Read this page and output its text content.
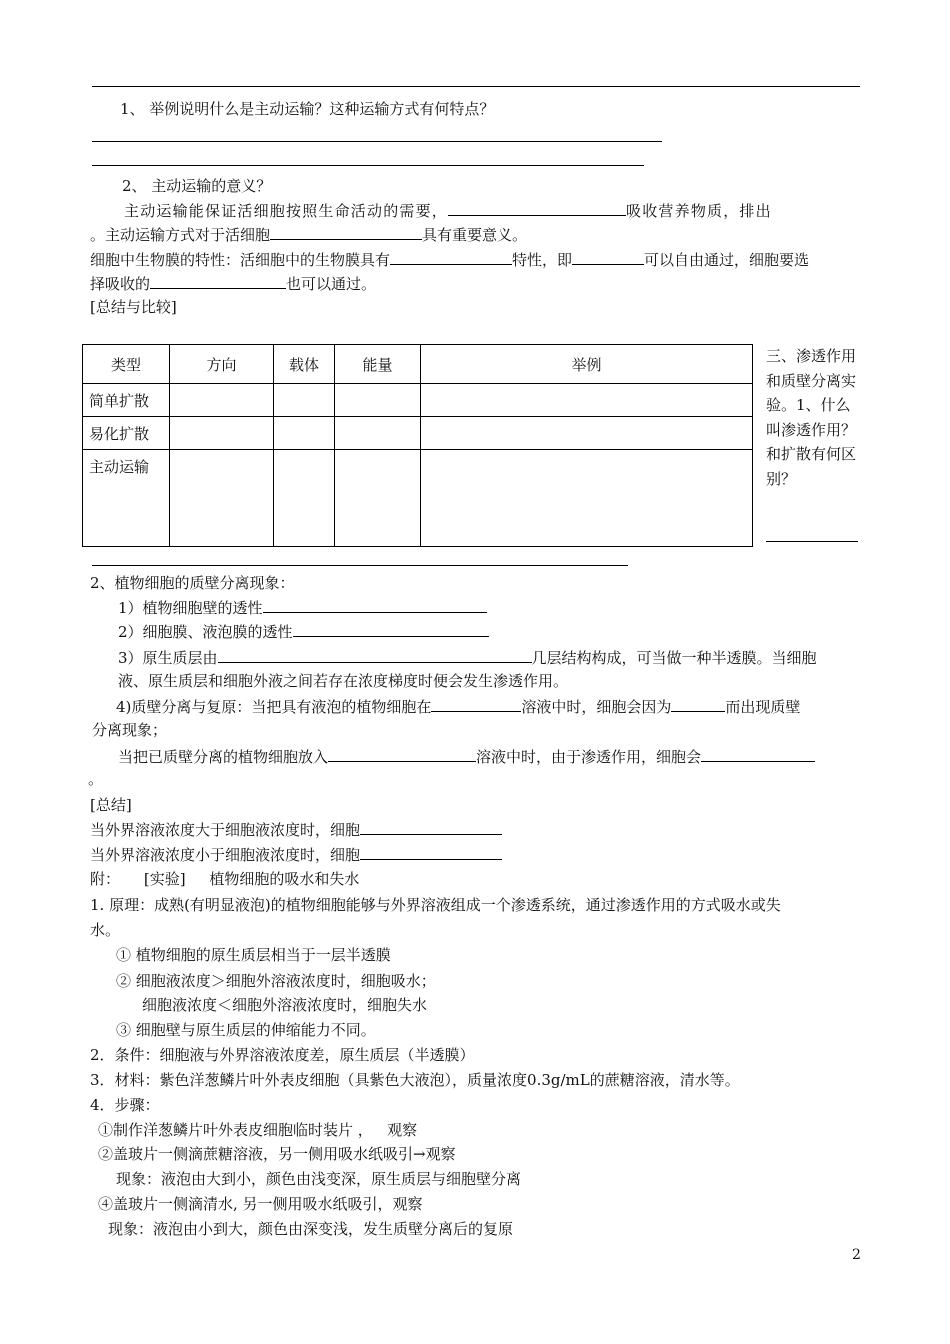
1、 举例说明什么是主动运输？这种运输方式有何特点？
2、 主动运输的意义？
主动运输能保证活细胞按照生命活动的需要，	吸收营养物质，排出
。主动运输方式对于活细胞	具有重要意义。
细胞中生物膜的特性：活细胞中的生物膜具有	特性，即	可以自由通过，细胞要选
择吸收的	也可以通过。
[总结与比较]
类型	方向	载体	能量	举例
简单扩散				
易化扩散				
主动运输				
三、渗透作用和质壁分离实验。1、什么叫渗透作用？和扩散有何区别？
2、植物细胞的质壁分离现象：
1）植物细胞壁的透性
2）细胞膜、液泡膜的透性
3）原生质层由	几层结构构成，可当做一种半透膜。当细胞
液、原生质层和细胞外液之间若存在浓度梯度时便会发生渗透作用。
4)质壁分离与复原：当把具有液泡的植物细胞在	溶液中时，细胞会因为	而出现质壁
分离现象；
当把已质壁分离的植物细胞放入	溶液中时，由于渗透作用，细胞会
。
[总结]
当外界溶液浓度大于细胞液浓度时，细胞
当外界溶液浓度小于细胞液浓度时，细胞
附：     [实验]     植物细胞的吸水和失水
1. 原理：成熟(有明显液泡)的植物细胞能够与外界溶液组成一个渗透系统，通过渗透作用的方式吸水或失
水。
① 植物细胞的原生质层相当于一层半透膜
② 细胞液浓度＞细胞外溶液浓度时，细胞吸水；
细胞液浓度＜细胞外溶液浓度时，细胞失水
③ 细胞壁与原生质层的伸缩能力不同。
2．条件：细胞液与外界溶液浓度差，原生质层（半透膜）
3．材料：紫色洋葱鳞片叶外表皮细胞（具紫色大液泡），质量浓度0.3g/mL的蔗糖溶液，清水等。
4．步骤：
①制作洋葱鳞片叶外表皮细胞临时装片 ，   观察
②盖玻片一侧滴蔗糖溶液，另一侧用吸水纸吸引→观察
现象：液泡由大到小，颜色由浅变深，原生质层与细胞壁分离
④盖玻片一侧滴清水, 另一侧用吸水纸吸引，观察
现象：液泡由小到大，颜色由深变浅，发生质壁分离后的复原
2
